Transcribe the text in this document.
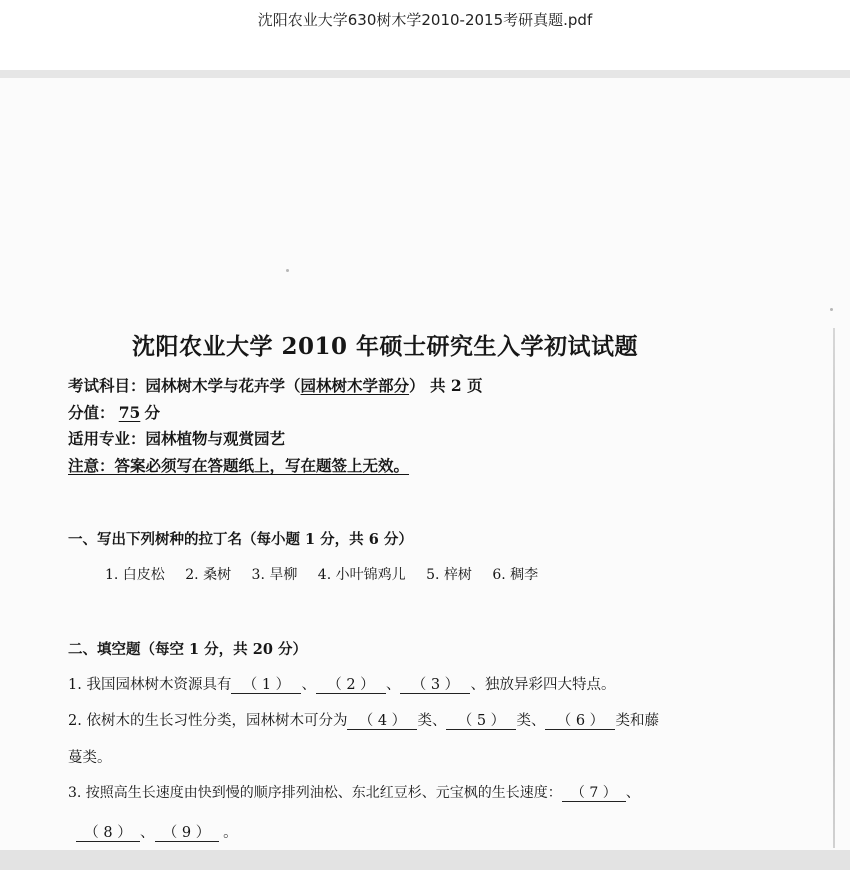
沈阳农业大学630树木学2010-2015考研真题.pdf
沈阳农业大学 2010 年硕士研究生入学初试试题
考试科目：园林树木学与花卉学（园林树木学部分） 共 2 页
分值： 75 分
适用专业：园林植物与观赏园艺
注意：答案必须写在答题纸上，写在题签上无效。
一、写出下列树种的拉丁名（每小题 1 分，共 6 分）
1. 白皮松 2. 桑树 3. 旱柳 4. 小叶锦鸡儿 5. 梓树 6. 稠李
二、填空题（每空 1 分，共 20 分）
1. 我国园林树木资源具有 （ 1 ） 、 （ 2 ） 、 （ 3 ） 、独放异彩四大特点。
2. 依树木的生长习性分类，园林树木可分为 （ 4 ） 类、 （ 5 ） 类、 （ 6 ） 类和藤
蔓类。
3. 按照高生长速度由快到慢的顺序排列油松、东北红豆杉、元宝枫的生长速度： （ 7 ） 、
（ 8 ） 、 （ 9 ） 。
